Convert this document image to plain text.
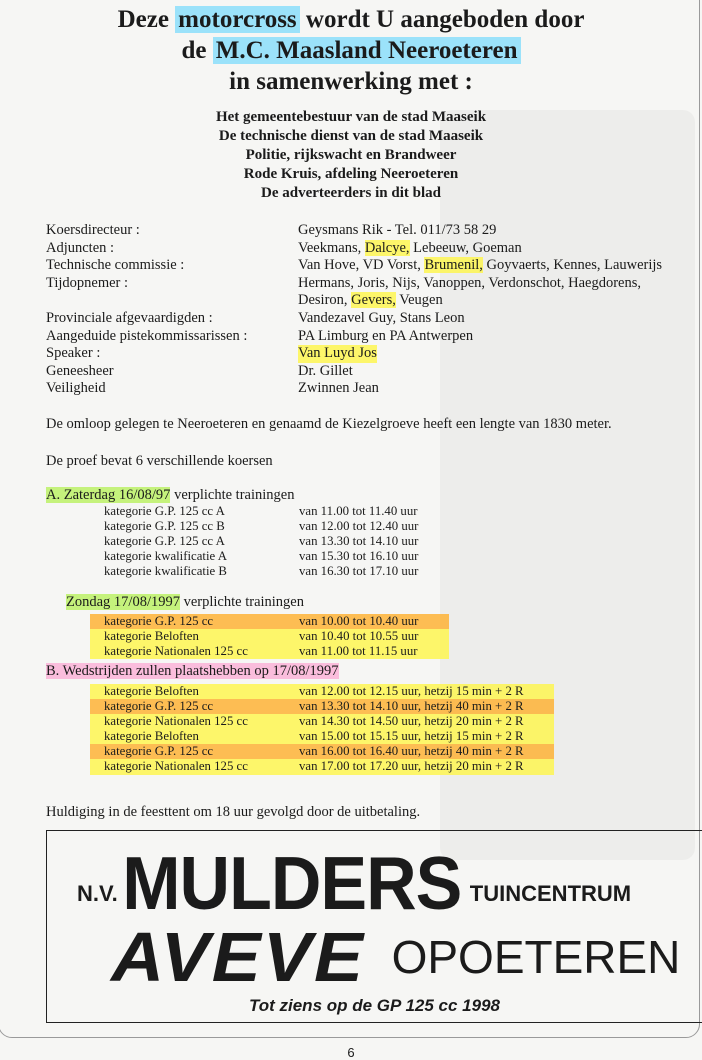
Deze motorcross wordt U aangeboden door
de M.C. Maasland Neeroeteren
in samenwerking met :
Het gemeentebestuur van de stad Maaseik
De technische dienst van de stad Maaseik
Politie, rijkswacht en Brandweer
Rode Kruis, afdeling Neeroeteren
De adverteerders in dit blad
Koersdirecteur :	Geysmans Rik - Tel. 011/73 58 29
Adjuncten :	Veekmans, Dalcye, Lebeeuw, Goeman
Technische commissie :	Van Hove, VD Vorst, Brumenil, Goyvaerts, Kennes, Lauwerijs
Tijdopnemer :	Hermans, Joris, Nijs, Vanoppen, Verdonschot, Haegdorens,
Desiron, Gevers, Veugen
Provinciale afgevaardigden :	Vandezavel Guy, Stans Leon
Aangeduide pistekommissarissen :	PA Limburg en PA Antwerpen
Speaker :	Van Luyd Jos
Geneesheer	Dr. Gillet
Veiligheid	Zwinnen Jean
De omloop gelegen te Neeroeteren en genaamd de Kiezelgroeve heeft een lengte van 1830 meter.
De proef bevat 6 verschillende koersen
A. Zaterdag 16/08/97 verplichte trainingen
kategorie G.P. 125 cc A	van 11.00 tot 11.40 uur
kategorie G.P. 125 cc B	van 12.00 tot 12.40 uur
kategorie G.P. 125 cc A	van 13.30 tot 14.10 uur
kategorie kwalificatie A	van 15.30 tot 16.10 uur
kategorie kwalificatie B	van 16.30 tot 17.10 uur
Zondag 17/08/1997 verplichte trainingen
kategorie G.P. 125 cc	van 10.00 tot 10.40 uur
kategorie Beloften	van 10.40 tot 10.55 uur
kategorie Nationalen 125 cc	van 11.00 tot 11.15 uur
B. Wedstrijden zullen plaatshebben op 17/08/1997
kategorie Beloften	van 12.00 tot 12.15 uur, hetzij 15 min + 2 R
kategorie G.P. 125 cc	van 13.30 tot 14.10 uur, hetzij 40 min + 2 R
kategorie Nationalen 125 cc	van 14.30 tot 14.50 uur, hetzij 20 min + 2 R
kategorie Beloften	van 15.00 tot 15.15 uur, hetzij 15 min + 2 R
kategorie G.P. 125 cc	van 16.00 tot 16.40 uur, hetzij 40 min + 2 R
kategorie Nationalen 125 cc	van 17.00 tot 17.20 uur, hetzij 20 min + 2 R
Huldiging in de feesttent om 18 uur gevolgd door de uitbetaling.
N.V. MULDERS TUINCENTRUM
AVEVE OPOETEREN
Tot ziens op de GP 125 cc 1998
6
